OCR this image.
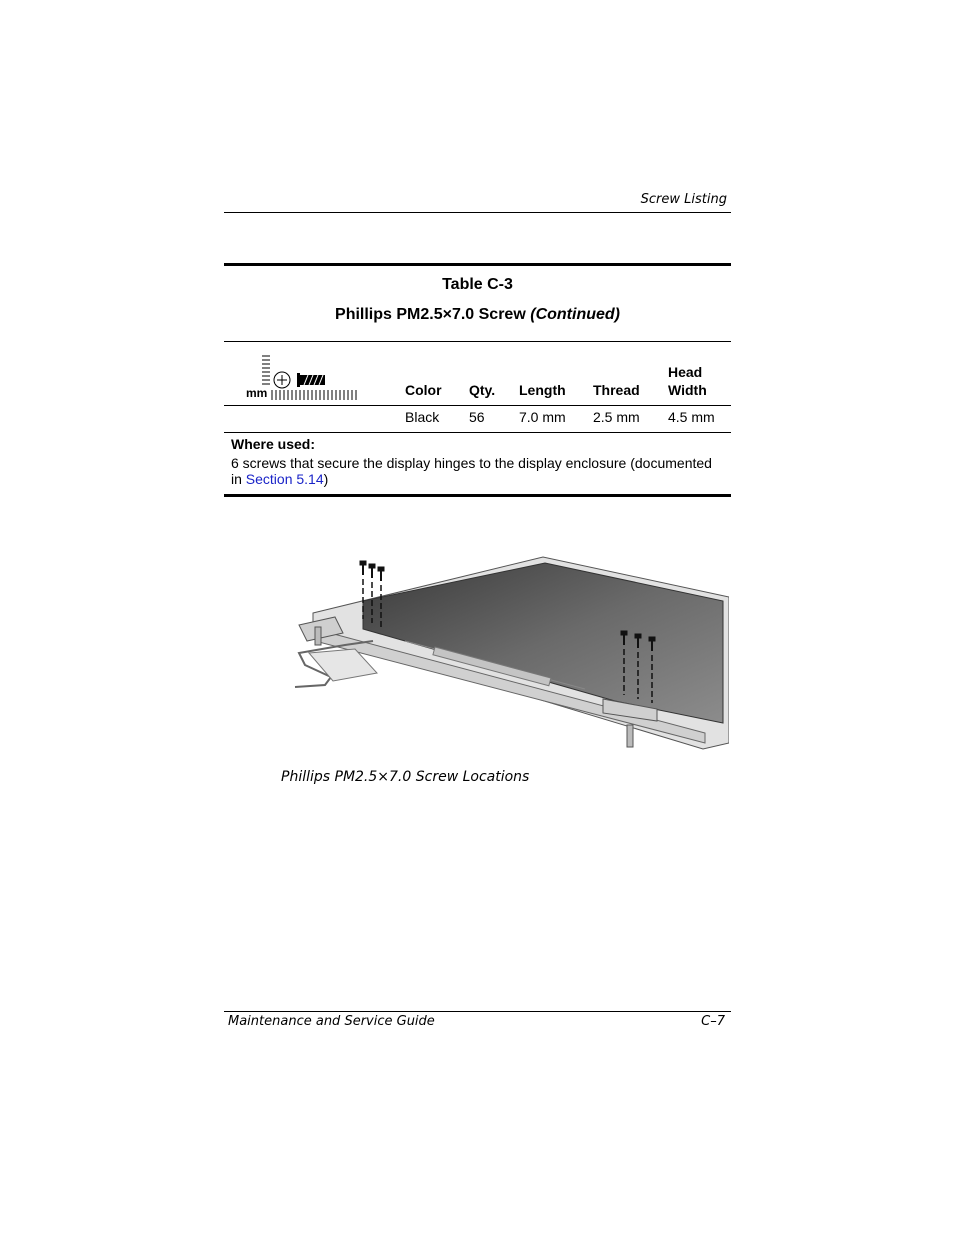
Screw Listing
Table C-3
Phillips PM2.5×7.0 Screw (Continued)
mm	Color Qty. Length Thread
Head
Width
Black 56 7.0 mm 2.5 mm 4.5 mm
Where used:
6 screws that secure the display hinges to the display enclosure (documented in Section 5.14)
Phillips PM2.5×7.0 Screw Locations
Maintenance and Service Guide	C–7
